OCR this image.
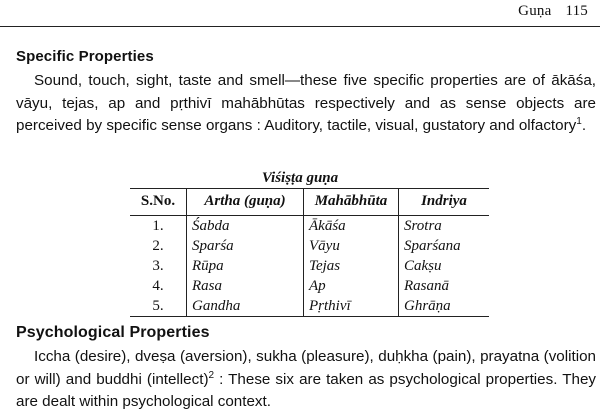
Guṇa 115
Specific Properties
Sound, touch, sight, taste and smell—these five specific properties are of ākāśa, vāyu, tejas, ap and pṛthivī mahābhūtas respectively and as sense objects are perceived by specific sense organs : Auditory, tactile, visual, gustatory and olfactory$^1$.
Viśiṣṭa guṇa
S.No.	Artha (guṇa)	Mahābhūta	Indriya
1.	Śabda	Ākāśa	Srotra
2.	Sparśa	Vāyu	Sparśana
3.	Rūpa	Tejas	Cakṣu
4.	Rasa	Ap	Rasanā
5.	Gandha	Pṛthivī	Ghrāṇa
Psychological Properties
Iccha (desire), dveṣa (aversion), sukha (pleasure), duḥkha (pain), prayatna (volition or will) and buddhi (intellect)$^2$ : These six are taken as psychological properties. They are dealt within psychological context.
